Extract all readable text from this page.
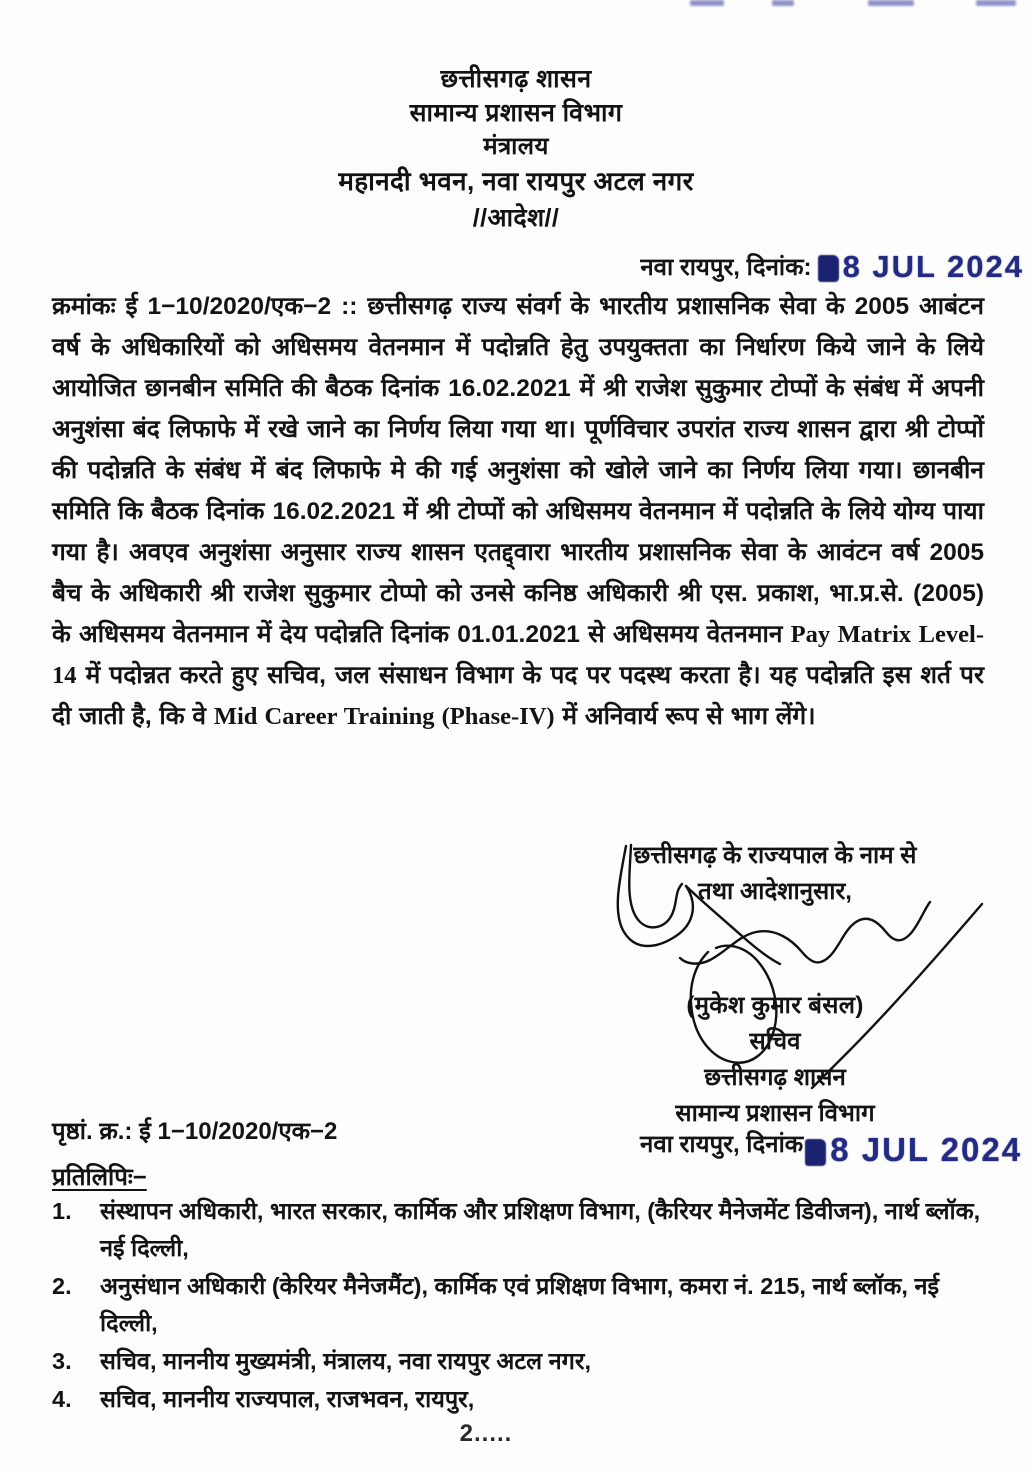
छत्तीसगढ़ शासन
सामान्य प्रशासन विभाग
मंत्रालय
महानदी भवन, नवा रायपुर अटल नगर
//आदेश//
नवा रायपुर, दिनांक:	8 JUL 2024
क्रमांकः ई 1−10/2020/एक−2 :: छत्तीसगढ़ राज्य संवर्ग के भारतीय प्रशासनिक सेवा के 2005 आबंटन वर्ष के अधिकारियों को अधिसमय वेतनमान में पदोन्नति हेतु उपयुक्तता का निर्धारण किये जाने के लिये आयोजित छानबीन समिति की बैठक दिनांक 16.02.2021 में श्री राजेश सुकुमार टोप्पों के संबंध में अपनी अनुशंसा बंद लिफाफे में रखे जाने का निर्णय लिया गया था। पूर्णविचार उपरांत राज्य शासन द्वारा श्री टोप्पों की पदोन्नति के संबंध में बंद लिफाफे मे की गई अनुशंसा को खोले जाने का निर्णय लिया गया। छानबीन समिति कि बैठक दिनांक 16.02.2021 में श्री टोप्पों को अधिसमय वेतनमान में पदोन्नति के लिये योग्य पाया गया है। अवएव अनुशंसा अनुसार राज्य शासन एतद्द्वारा भारतीय प्रशासनिक सेवा के आवंटन वर्ष 2005 बैच के अधिकारी श्री राजेश सुकुमार टोप्पो को उनसे कनिष्ठ अधिकारी श्री एस. प्रकाश, भा.प्र.से. (2005) के अधिसमय वेतनमान में देय पदोन्नति दिनांक 01.01.2021 से अधिसमय वेतनमान Pay Matrix Level-14 में पदोन्नत करते हुए सचिव, जल संसाधन विभाग के पद पर पदस्थ करता है। यह पदोन्नति इस शर्त पर दी जाती है, कि वे Mid Career Training (Phase-IV) में अनिवार्य रूप से भाग लेंगे।
छत्तीसगढ़ के राज्यपाल के नाम से
तथा आदेशानुसार,
(मुकेश कुमार बंसल)
सचिव
छत्तीसगढ़ शासन
सामान्य प्रशासन विभाग
पृष्ठां. क्र.: ई 1−10/2020/एक−2	नवा रायपुर, दिनांक 8 JUL 2024
प्रतिलिपिः−
1.	संस्थापन अधिकारी, भारत सरकार, कार्मिक और प्रशिक्षण विभाग, (कैरियर मैनेजमेंट डिवीजन), नार्थ ब्लॉक, नई दिल्ली,
2.	अनुसंधान अधिकारी (केरियर मैनेजमैंट), कार्मिक एवं प्रशिक्षण विभाग, कमरा नं. 215, नार्थ ब्लॉक, नई दिल्ली,
3.	सचिव, माननीय मुख्यमंत्री, मंत्रालय, नवा रायपुर अटल नगर,
4.	सचिव, माननीय राज्यपाल, राजभवन, रायपुर,
2.....
